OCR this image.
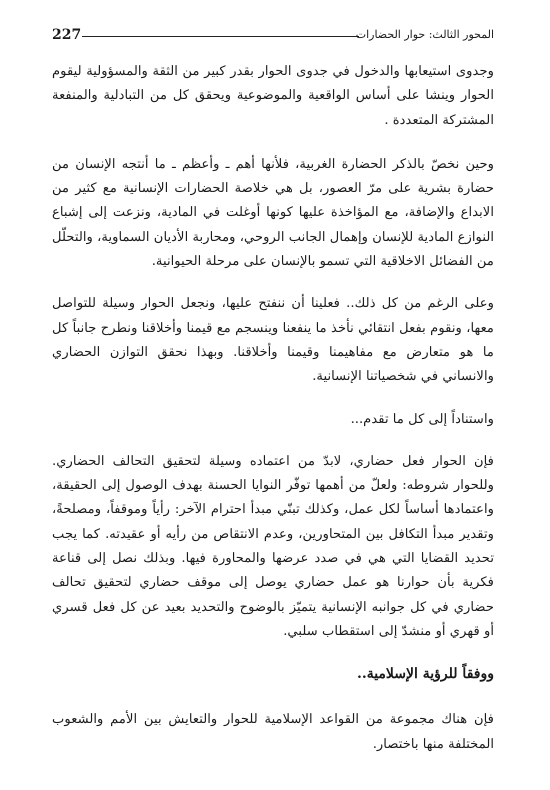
227	المحور الثالث: حوار الحضارات

وجدوى استيعابها والدخول في جدوى الحوار بقدر كبير من الثقة والمسؤولية ليقوم الحوار وينشا على أساس الواقعية والموضوعية ويحقق كل من التبادلية والمنفعة المشتركة المتعددة .

وحين نخصّ بالذكر الحضارة الغربية، فلأنها أهم ـ وأعظم ـ ما أنتجه الإنسان من حضارة بشرية على مرّ العصور، بل هي خلاصة الحضارات الإنسانية مع كثير من الابداع والإضافة، مع المؤاخذة عليها كونها أوغلت في المادية، ونزعت إلى إشباع النوازع المادية للإنسان وإهمال الجانب الروحي، ومحاربة الأديان السماوية، والتحلّل من الفضائل الاخلاقية التي تسمو بالإنسان على مرحلة الحيوانية.

وعلى الرغم من كل ذلك.. فعلينا أن ننفتح عليها، ونجعل الحوار وسيلة للتواصل معها، ونقوم بفعل انتقائي نأخذ ما ينفعنا وينسجم مع قيمنا وأخلاقنا ونطرح جانباً كل ما هو متعارض مع مفاهيمنا وقيمنا وأخلاقنا. وبهذا نحقق التوازن الحضاري والانساني في شخصياتنا الإنسانية.

واستناداً إلى كل ما تقدم...

فإن الحوار فعل حضاري، لابدّ من اعتماده وسيلة لتحقيق التحالف الحضاري. وللحوار شروطه: ولعلّ من أهمها توفّر النوايا الحسنة بهدف الوصول إلى الحقيقة، واعتمادها أساساً لكل عمل، وكذلك تبنّي مبدأ احترام الآخر: رأياً وموقفاً، ومصلحةً، وتقدير مبدأ التكافل بين المتحاورين، وعدم الانتقاص من رأيه أو عقيدته. كما يجب تحديد القضايا التي هي في صدد عرضها والمحاورة فيها. وبذلك نصل إلى قناعة فكرية بأن حوارنا هو عمل حضاري يوصل إلى موقف حضاري لتحقيق تحالف حضاري في كل جوانبه الإنسانية يتميّز بالوضوح والتحديد بعيد عن كل فعل قسري أو قهري أو منشدّ إلى استقطاب سلبي.

ووفقاً للرؤية الإسلامية..

فإن هناك مجموعة من القواعد الإسلامية للحوار والتعايش بين الأمم والشعوب المختلفة منها باختصار.
